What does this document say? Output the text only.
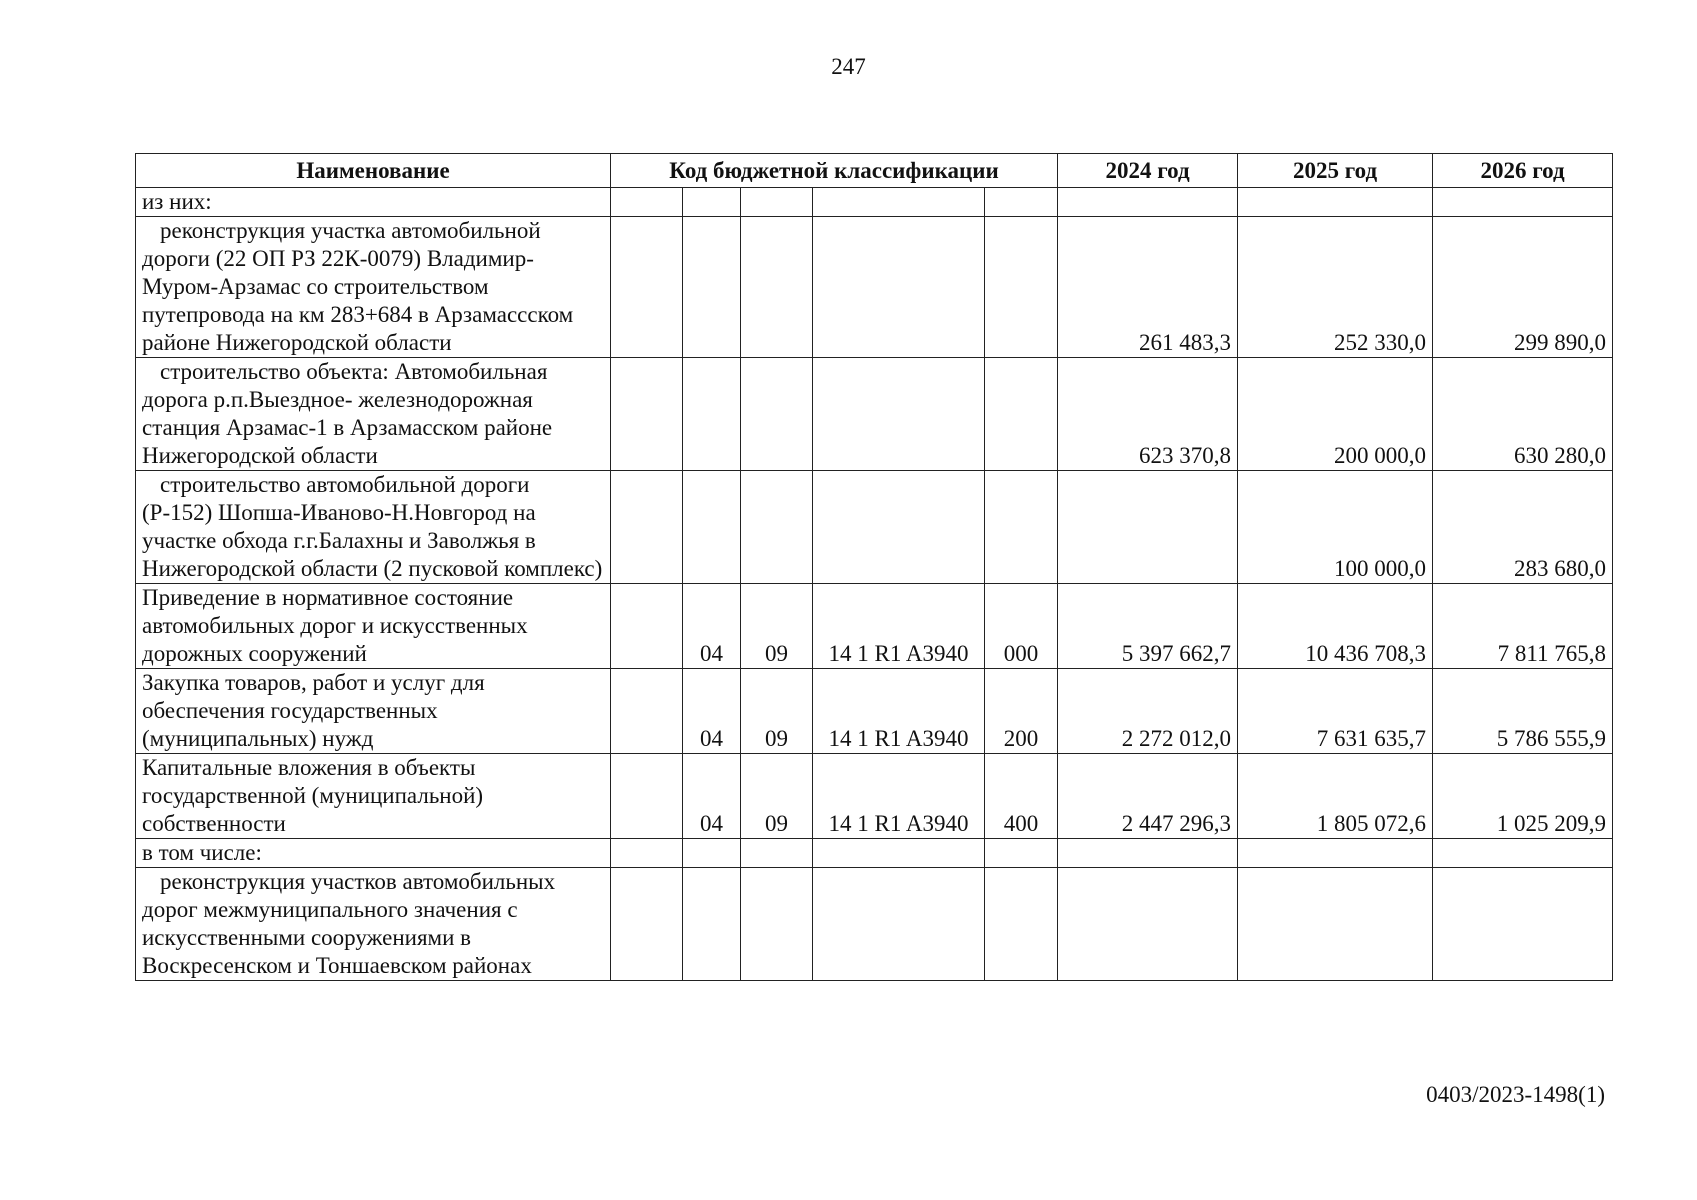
247
Наименование	Код бюджетной классификации					2024 год	2025 год	2026 год
из них:								
реконструкция участка автомобильной дороги (22 ОП РЗ 22К-0079) Владимир-Муром-Арзамас со строительством путепровода на км 283+684 в Арзамассском районе Нижегородской области						261 483,3	252 330,0	299 890,0
строительство объекта: Автомобильная дорога р.п.Выездное- железнодорожная станция Арзамас-1 в Арзамасском районе Нижегородской области						623 370,8	200 000,0	630 280,0
строительство автомобильной дороги (Р-152) Шопша-Иваново-Н.Новгород на участке обхода г.г.Балахны и Заволжья в Нижегородской области (2 пусковой комплекс)							100 000,0	283 680,0
Приведение в нормативное состояние автомобильных дорог и искусственных дорожных сооружений		04	09	14 1 R1 A3940	000	5 397 662,7	10 436 708,3	7 811 765,8
Закупка товаров, работ и услуг для обеспечения государственных (муниципальных) нужд		04	09	14 1 R1 A3940	200	2 272 012,0	7 631 635,7	5 786 555,9
Капитальные вложения в объекты государственной (муниципальной) собственности		04	09	14 1 R1 A3940	400	2 447 296,3	1 805 072,6	1 025 209,9
в том числе:								
реконструкция участков автомобильных дорог межмуниципального значения с искусственными сооружениями в Воскресенском и Тоншаевском районах								
0403/2023-1498(1)
